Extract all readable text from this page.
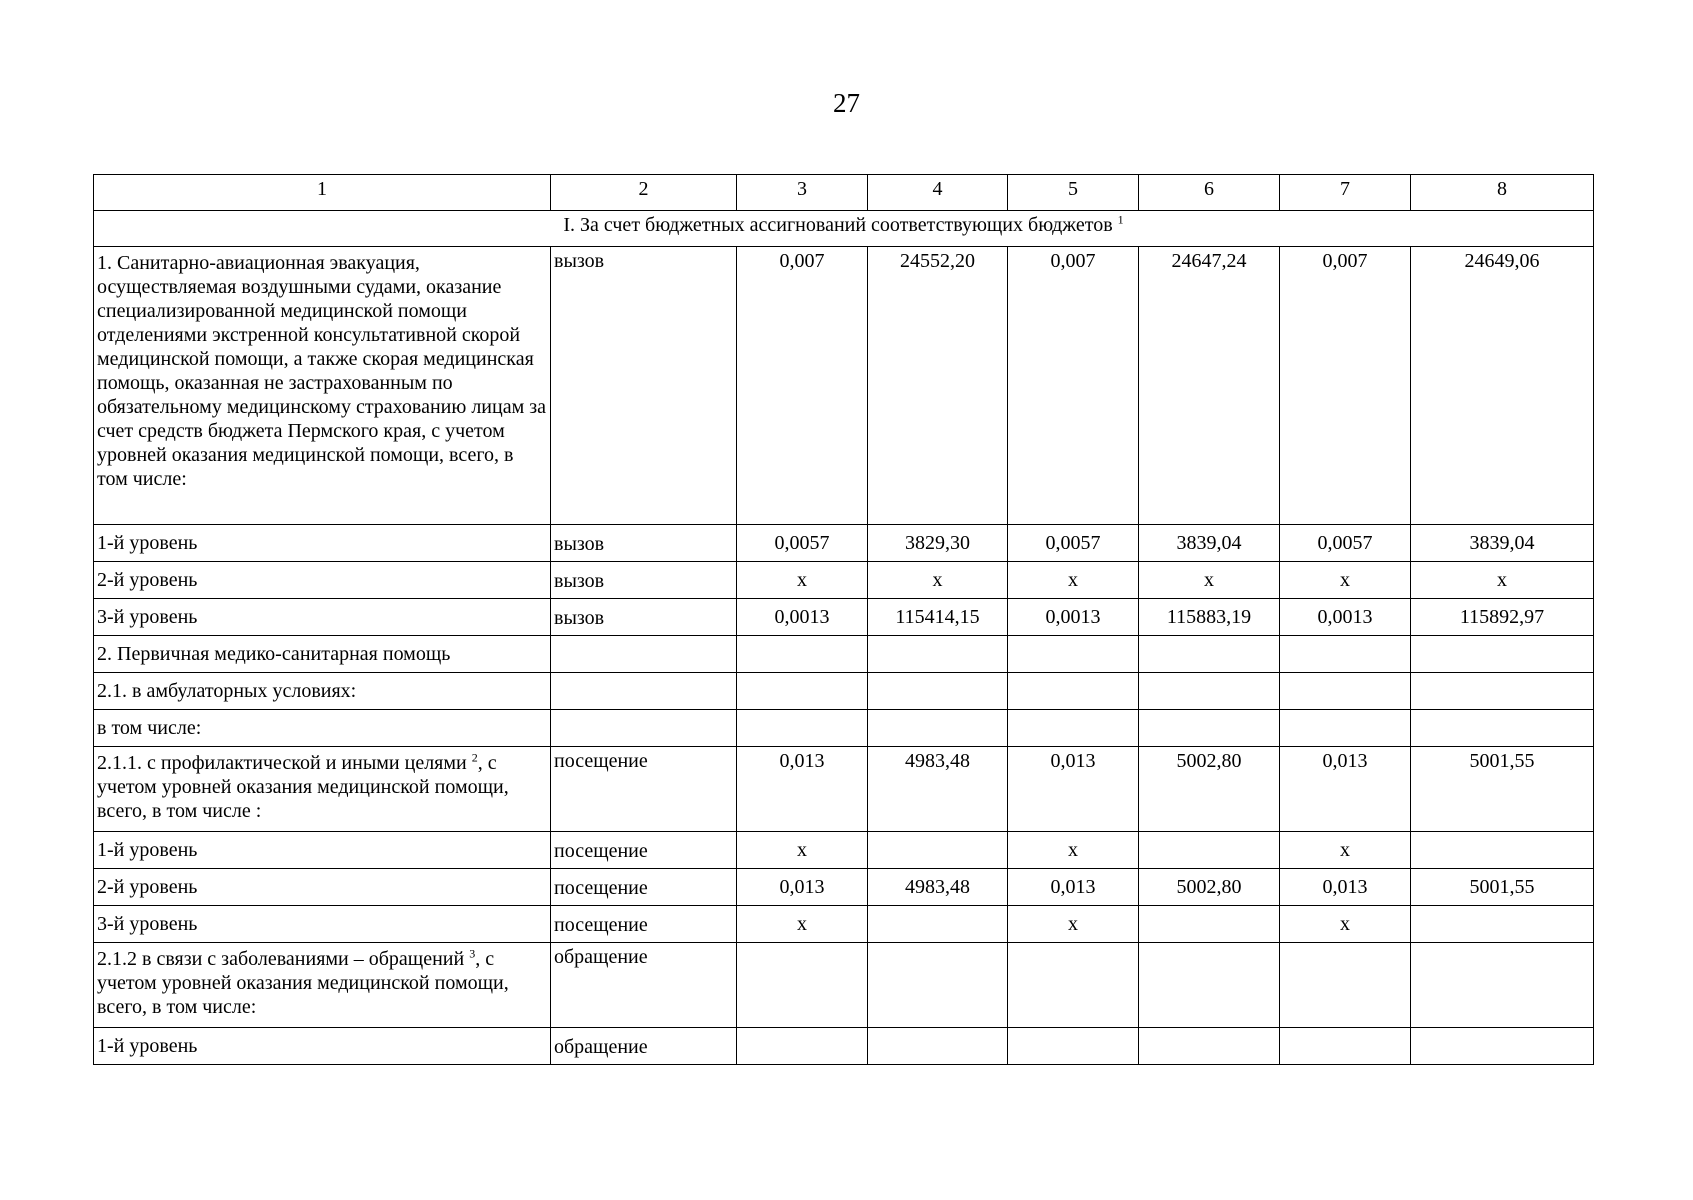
27
1	2	3	4	5	6	7	8
I. За счет бюджетных ассигнований соответствующих бюджетов $^1$
1. Санитарно-авиационная эвакуация, осуществляемая воздушными судами, оказание специализированной медицинской помощи отделениями экстренной консультативной скорой медицинской помощи, а также скорая медицинская помощь, оказанная не застрахованным по обязательному медицинскому страхованию лицам за счет средств бюджета Пермского края, с учетом уровней оказания медицинской помощи, всего, в том числе:	вызов	0,007	24552,20	0,007	24647,24	0,007	24649,06
1-й уровень	вызов	0,0057	3829,30	0,0057	3839,04	0,0057	3839,04
2-й уровень	вызов	х	х	х	х	х	х
3-й уровень	вызов	0,0013	115414,15	0,0013	115883,19	0,0013	115892,97
2. Первичная медико-санитарная помощь							
2.1. в амбулаторных условиях:							
в том числе:							
2.1.1. с профилактической и иными целями $^2$, с учетом уровней оказания медицинской помощи, всего, в том числе :	посещение	0,013	4983,48	0,013	5002,80	0,013	5001,55
1-й уровень	посещение	х		х		х	
2-й уровень	посещение	0,013	4983,48	0,013	5002,80	0,013	5001,55
3-й уровень	посещение	х		х		х	
2.1.2 в связи с заболеваниями – обращений $^3$, с учетом уровней оказания медицинской помощи, всего, в том числе:	обращение						
1-й уровень	обращение						
